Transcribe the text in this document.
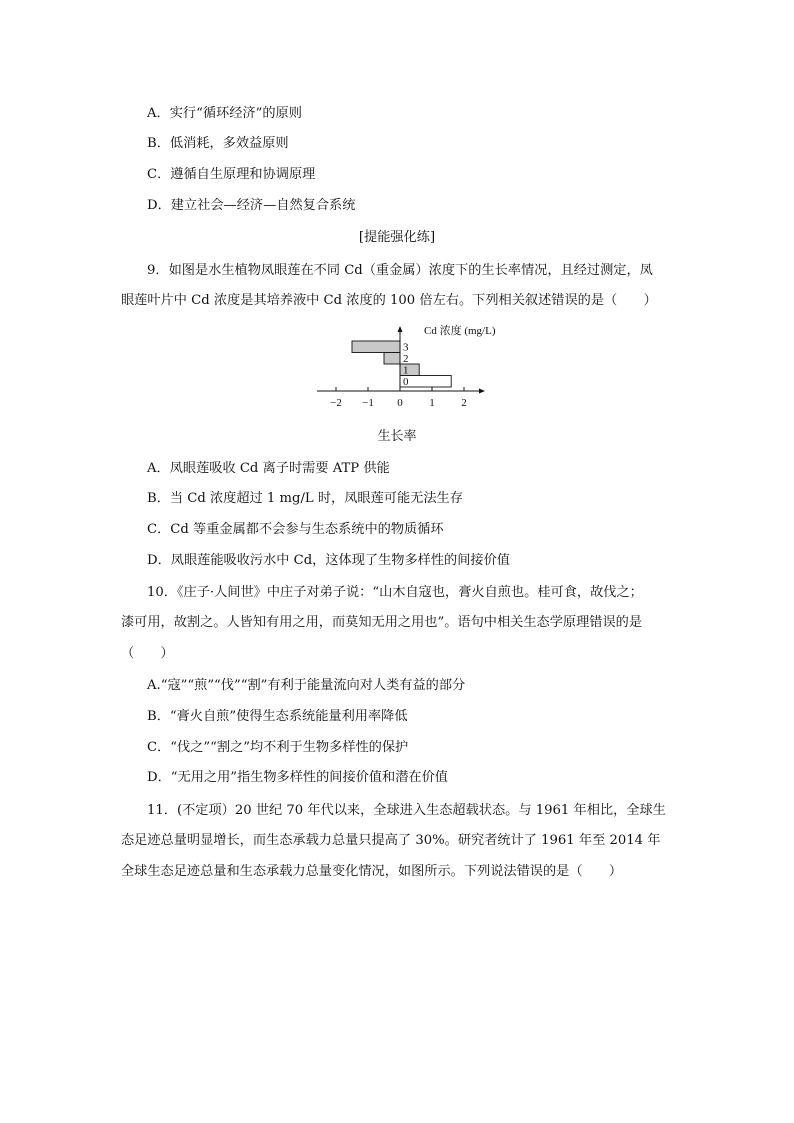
A．实行“循环经济”的原则
B．低消耗，多效益原则
C．遵循自生原理和协调原理
D．建立社会—经济—自然复合系统
[提能强化练]
9．如图是水生植物凤眼莲在不同 Cd（重金属）浓度下的生长率情况，且经过测定，凤
眼莲叶片中 Cd 浓度是其培养液中 Cd 浓度的 100 倍左右。下列相关叙述错误的是（　　）
−2 −1 0 1 2
0
1
2
3
Cd 浓度 (mg/L)
生长率
A．凤眼莲吸收 Cd 离子时需要 ATP 供能
B．当 Cd 浓度超过 1 mg/L 时，凤眼莲可能无法生存
C．Cd 等重金属都不会参与生态系统中的物质循环
D．凤眼莲能吸收污水中 Cd，这体现了生物多样性的间接价值
10．《庄子·人间世》中庄子对弟子说：“山木自寇也，膏火自煎也。桂可食，故伐之；
漆可用，故割之。人皆知有用之用，而莫知无用之用也”。语句中相关生态学原理错误的是
（　　）
A.“寇”“煎”“伐”“割”有利于能量流向对人类有益的部分
B．“膏火自煎”使得生态系统能量利用率降低
C．“伐之”“割之”均不利于生物多样性的保护
D．“无用之用”指生物多样性的间接价值和潜在价值
11．(不定项）20 世纪 70 年代以来，全球进入生态超载状态。与 1961 年相比，全球生
态足迹总量明显增长，而生态承载力总量只提高了 30%。研究者统计了 1961 年至 2014 年
全球生态足迹总量和生态承载力总量变化情况，如图所示。下列说法错误的是（　　）
